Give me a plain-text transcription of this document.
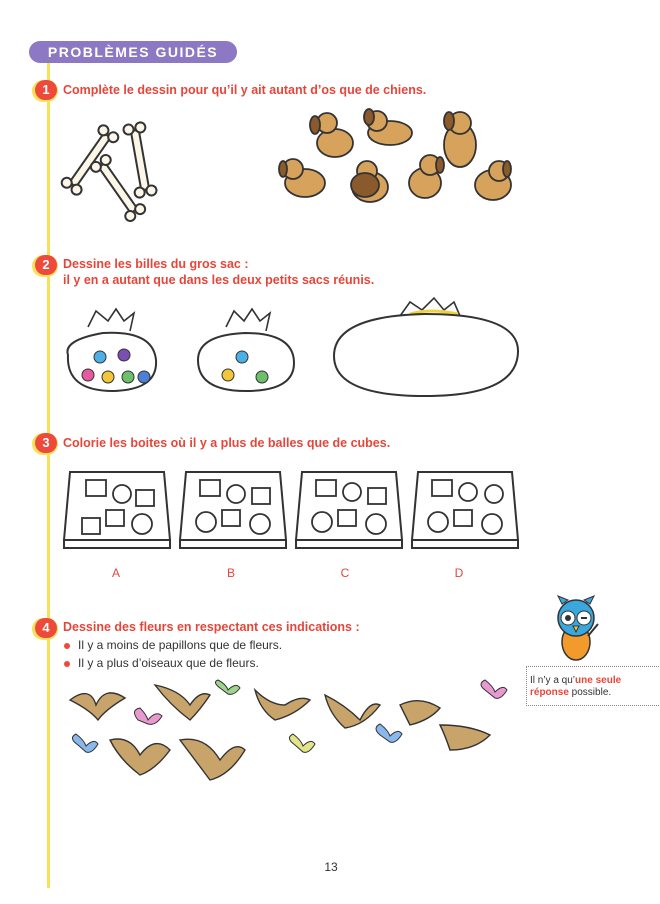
PROBLÈMES GUIDÉS
1	Complète le dessin pour qu’il y ait autant d’os que de chiens.
2	Dessine les billes du gros sac :
il y en a autant que dans les deux petits sacs réunis.
3	Colorie les boites où il y a plus de balles que de cubes.
A	B	C	D
4	Dessine des fleurs en respectant ces indications :
Il y a moins de papillons que de fleurs.
Il y a plus d’oiseaux que de fleurs.
Il n’y a qu’une seule
réponse possible.
13
